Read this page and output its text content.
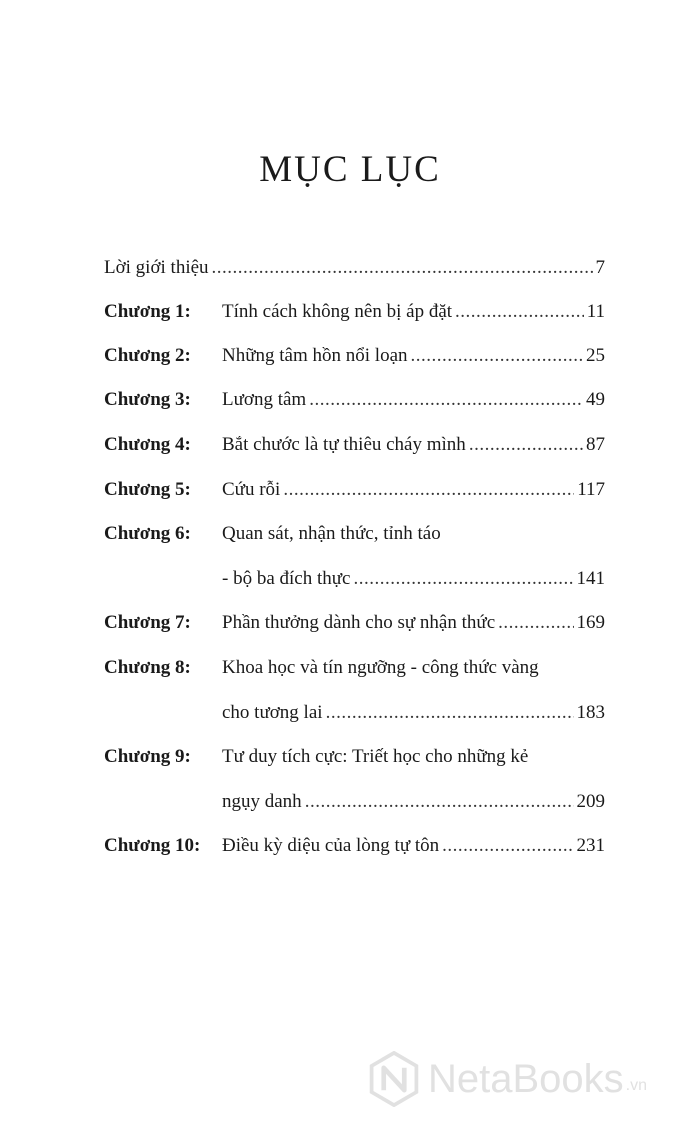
MỤC LỤC
Lời giới thiệu .....	7
Chương 1: Tính cách không nên bị áp đặt .....	11
Chương 2: Những tâm hồn nổi loạn .....	25
Chương 3: Lương tâm .....	49
Chương 4: Bắt chước là tự thiêu cháy mình .....	87
Chương 5: Cứu rỗi .....	117
Chương 6: Quan sát, nhận thức, tỉnh táo
- bộ ba đích thực .....	141
Chương 7: Phần thưởng dành cho sự nhận thức .....	169
Chương 8: Khoa học và tín ngưỡng - công thức vàng
cho tương lai .....	183
Chương 9: Tư duy tích cực: Triết học cho những kẻ
ngụy danh .....	209
Chương 10: Điều kỳ diệu của lòng tự tôn .....	231
NetaBooks .vn
